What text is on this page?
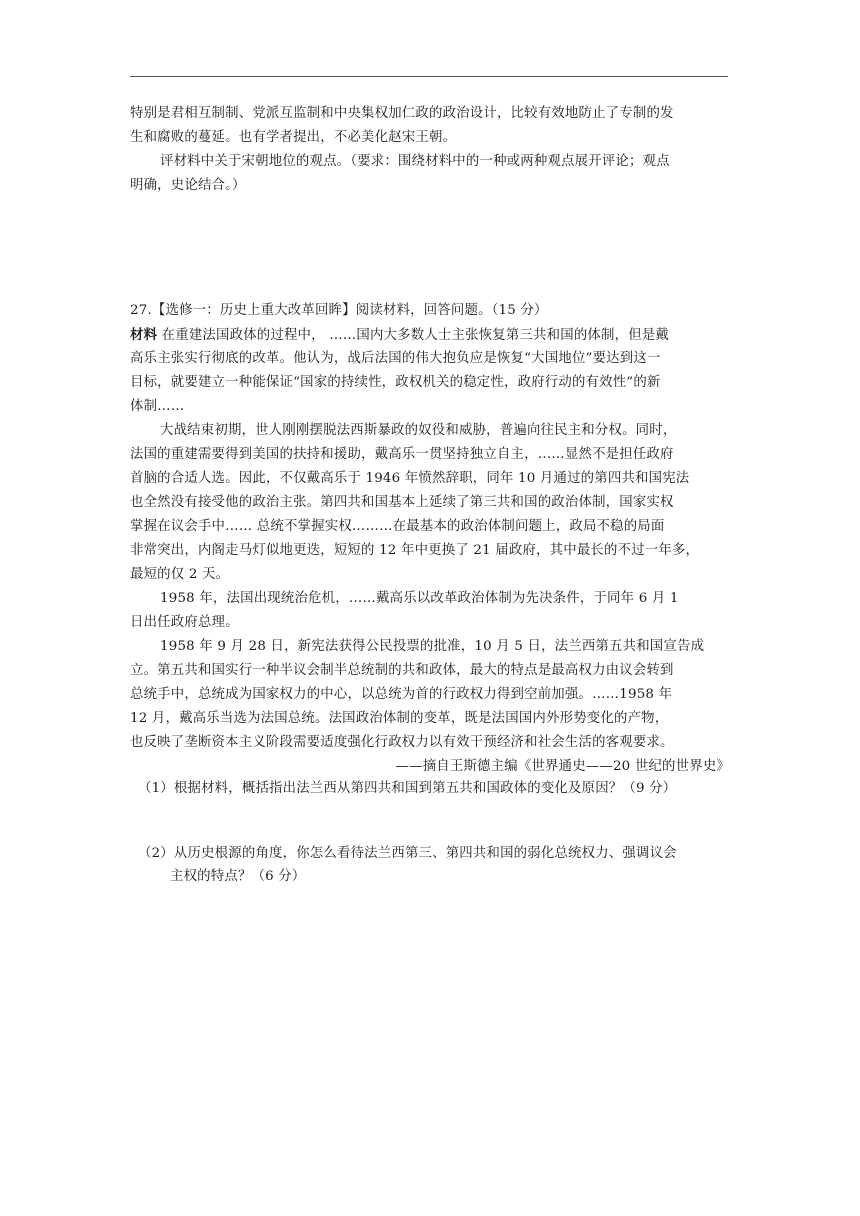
特别是君相互制制、党派互监制和中央集权加仁政的政治设计，比较有效地防止了专制的发
生和腐败的蔓延。也有学者提出，不必美化赵宋王朝。
评材料中关于宋朝地位的观点。（要求：围绕材料中的一种或两种观点展开评论；观点
明确，史论结合。）
27.【选修一：历史上重大改革回眸】阅读材料，回答问题。（15 分）
材料 在重建法国政体的过程中， ……国内大多数人士主张恢复第三共和国的体制，但是戴
高乐主张实行彻底的改革。他认为，战后法国的伟大抱负应是恢复“大国地位”要达到这一
目标，就要建立一种能保证“国家的持续性，政权机关的稳定性，政府行动的有效性”的新
体制……
大战结束初期，世人刚刚摆脱法西斯暴政的奴役和威胁，普遍向往民主和分权。同时，
法国的重建需要得到美国的扶持和援助，戴高乐一贯坚持独立自主，……显然不是担任政府
首脑的合适人选。因此，不仅戴高乐于 1946 年愤然辞职，同年 10 月通过的第四共和国宪法
也全然没有接受他的政治主张。第四共和国基本上延续了第三共和国的政治体制，国家实权
掌握在议会手中…… 总统不掌握实权………在最基本的政治体制问题上，政局不稳的局面
非常突出，内阁走马灯似地更迭，短短的 12 年中更换了 21 届政府，其中最长的不过一年多，
最短的仅 2 天。
1958 年，法国出现统治危机，……戴高乐以改革政治体制为先决条件，于同年 6 月 1
日出任政府总理。
1958 年 9 月 28 日，新宪法获得公民投票的批准，10 月 5 日，法兰西第五共和国宣告成
立。第五共和国实行一种半议会制半总统制的共和政体，最大的特点是最高权力由议会转到
总统手中，总统成为国家权力的中心，以总统为首的行政权力得到空前加强。……1958 年
12 月，戴高乐当选为法国总统。法国政治体制的变革，既是法国国内外形势变化的产物，
也反映了垄断资本主义阶段需要适度强化行政权力以有效干预经济和社会生活的客观要求。
——摘自王斯德主编《世界通史——20 世纪的世界史》
（1）根据材料，概括指出法兰西从第四共和国到第五共和国政体的变化及原因？（9 分）
（2）从历史根源的角度，你怎么看待法兰西第三、第四共和国的弱化总统权力、强调议会
主权的特点？（6 分）
